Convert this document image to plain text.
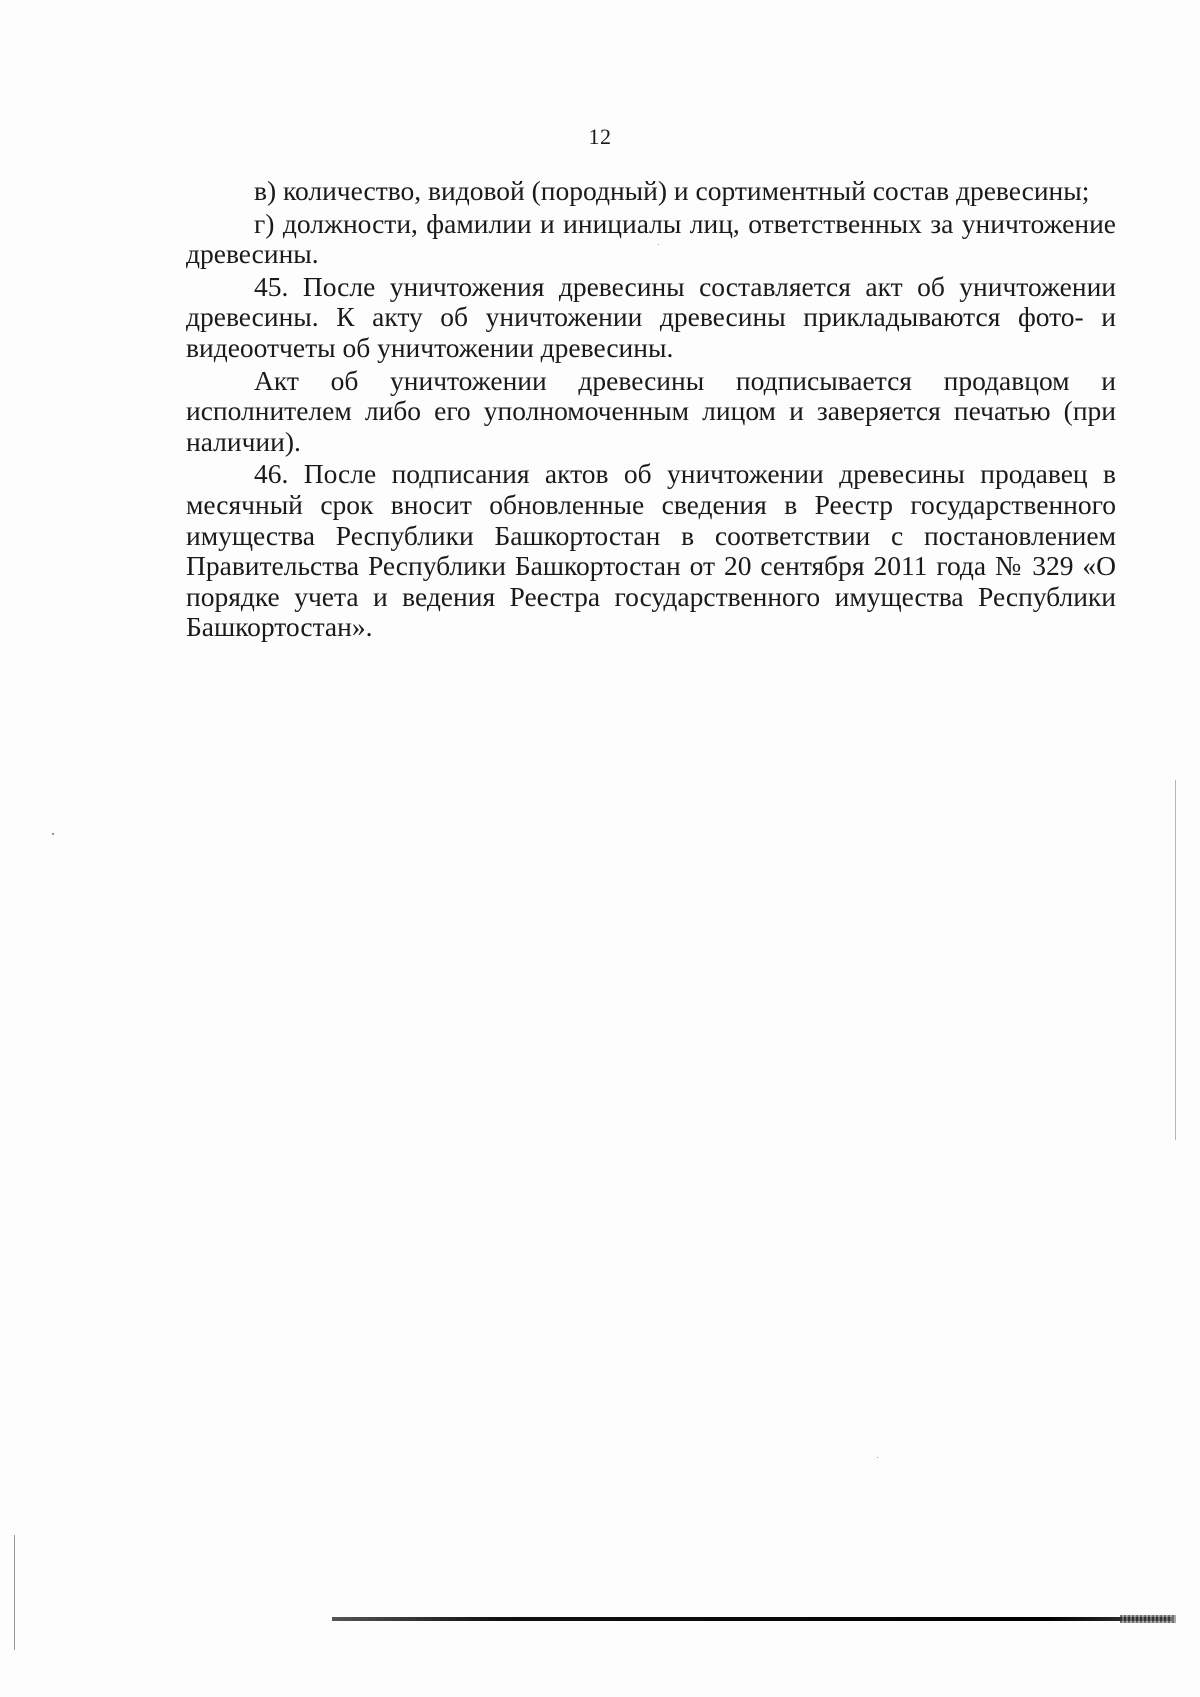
12

в) количество, видовой (породный) и сортиментный состав древесины;

г) должности, фамилии и инициалы лиц, ответственных за уничтожение древесины.

45. После уничтожения древесины составляется акт об уничтожении древесины. К акту об уничтожении древесины прикладываются фото- и видеоотчеты об уничтожении древесины.

Акт об уничтожении древесины подписывается продавцом и исполнителем либо его уполномоченным лицом и заверяется печатью (при наличии).

46. После подписания актов об уничтожении древесины продавец в месячный срок вносит обновленные сведения в Реестр государственного имущества Республики Башкортостан в соответствии с постановлением Правительства Республики Башкортостан от 20 сентября 2011 года № 329 «О порядке учета и ведения Реестра государственного имущества Республики Башкортостан».
